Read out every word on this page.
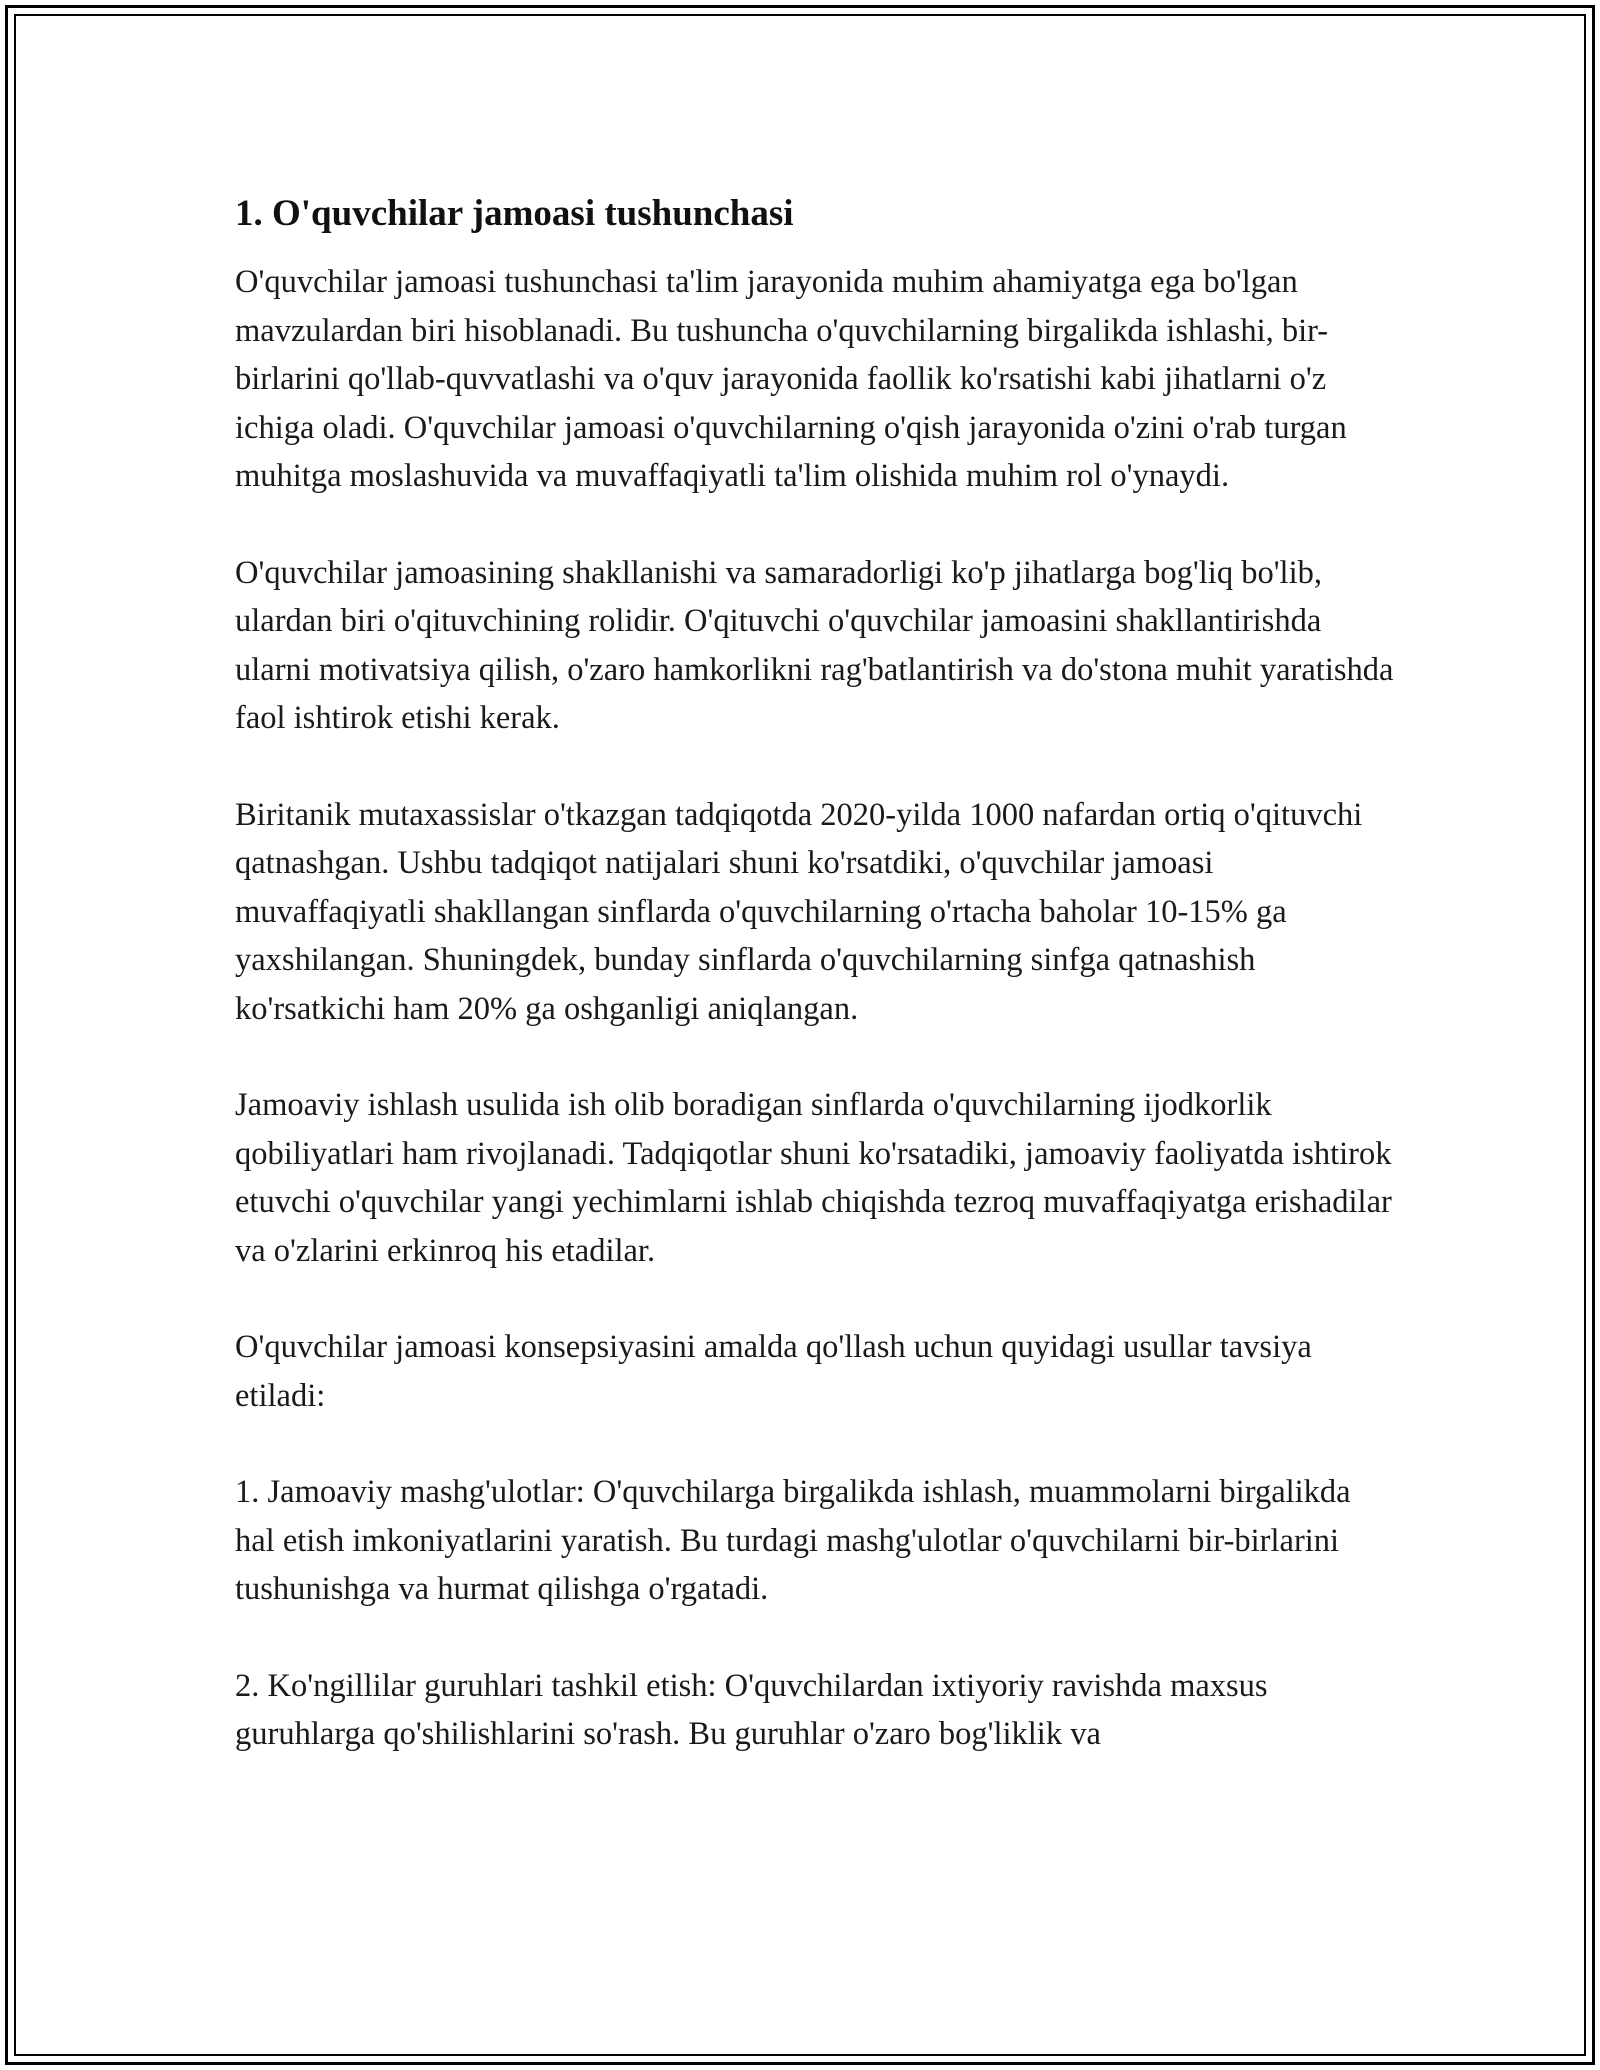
1. O'quvchilar jamoasi tushunchasi

O'quvchilar jamoasi tushunchasi ta'lim jarayonida muhim ahamiyatga ega bo'lgan mavzulardan biri hisoblanadi. Bu tushuncha o'quvchilarning birgalikda ishlashi, bir-birlarini qo'llab-quvvatlashi va o'quv jarayonida faollik ko'rsatishi kabi jihatlarni o'z ichiga oladi. O'quvchilar jamoasi o'quvchilarning o'qish jarayonida o'zini o'rab turgan muhitga moslashuvida va muvaffaqiyatli ta'lim olishida muhim rol o'ynaydi.

O'quvchilar jamoasining shakllanishi va samaradorligi ko'p jihatlarga bog'liq bo'lib, ulardan biri o'qituvchining rolidir. O'qituvchi o'quvchilar jamoasini shakllantirishda ularni motivatsiya qilish, o'zaro hamkorlikni rag'batlantirish va do'stona muhit yaratishda faol ishtirok etishi kerak.

Biritanik mutaxassislar o'tkazgan tadqiqotda 2020-yilda 1000 nafardan ortiq o'qituvchi qatnashgan. Ushbu tadqiqot natijalari shuni ko'rsatdiki, o'quvchilar jamoasi muvaffaqiyatli shakllangan sinflarda o'quvchilarning o'rtacha baholar 10-15% ga yaxshilangan. Shuningdek, bunday sinflarda o'quvchilarning sinfga qatnashish ko'rsatkichi ham 20% ga oshganligi aniqlangan.

Jamoaviy ishlash usulida ish olib boradigan sinflarda o'quvchilarning ijodkorlik qobiliyatlari ham rivojlanadi. Tadqiqotlar shuni ko'rsatadiki, jamoaviy faoliyatda ishtirok etuvchi o'quvchilar yangi yechimlarni ishlab chiqishda tezroq muvaffaqiyatga erishadilar va o'zlarini erkinroq his etadilar.

O'quvchilar jamoasi konsepsiyasini amalda qo'llash uchun quyidagi usullar tavsiya etiladi:

1. Jamoaviy mashg'ulotlar: O'quvchilarga birgalikda ishlash, muammolarni birgalikda hal etish imkoniyatlarini yaratish. Bu turdagi mashg'ulotlar o'quvchilarni bir-birlarini tushunishga va hurmat qilishga o'rgatadi.

2. Ko'ngillilar guruhlari tashkil etish: O'quvchilardan ixtiyoriy ravishda maxsus guruhlarga qo'shilishlarini so'rash. Bu guruhlar o'zaro bog'liklik va
